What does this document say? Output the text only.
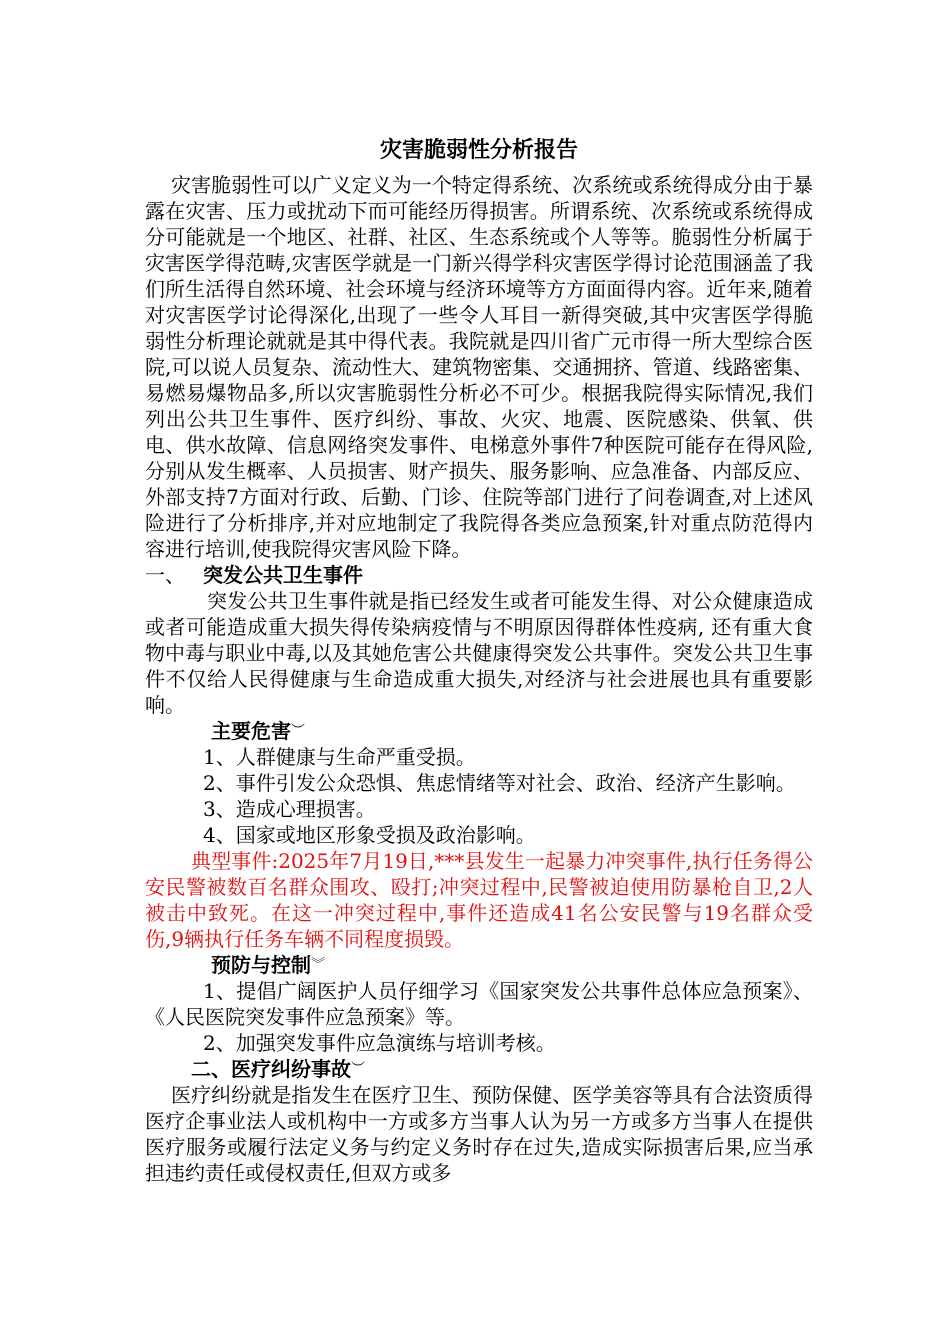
灾害脆弱性分析报告

灾害脆弱性可以广义定义为一个特定得系统、次系统或系统得成分由于暴露在灾害、压力或扰动下而可能经历得损害。所谓系统、次系统或系统得成分可能就是一个地区、社群、社区、生态系统或个人等等。脆弱性分析属于灾害医学得范畴,灾害医学就是一门新兴得学科灾害医学得讨论范围涵盖了我们所生活得自然环境、社会环境与经济环境等方方面面得内容。近年来,随着对灾害医学讨论得深化,出现了一些令人耳目一新得突破,其中灾害医学得脆弱性分析理论就就是其中得代表。我院就是四川省广元市得一所大型综合医院,可以说人员复杂、流动性大、建筑物密集、交通拥挤、管道、线路密集、易燃易爆物品多,所以灾害脆弱性分析必不可少。根据我院得实际情况,我们列出公共卫生事件、医疗纠纷、事故、火灾、地震、医院感染、供氧、供电、供水故障、信息网络突发事件、电梯意外事件7种医院可能存在得风险,分别从发生概率、人员损害、财产损失、服务影响、应急准备、内部反应、外部支持7方面对行政、后勤、门诊、住院等部门进行了问卷调查,对上述风险进行了分析排序,并对应地制定了我院得各类应急预案,针对重点防范得内容进行培训,使我院得灾害风险下降。

一、 突发公共卫生事件

突发公共卫生事件就是指已经发生或者可能发生得、对公众健康造成或者可能造成重大损失得传染病疫情与不明原因得群体性疫病, 还有重大食物中毒与职业中毒,以及其她危害公共健康得突发公共事件。突发公共卫生事件不仅给人民得健康与生命造成重大损失,对经济与社会进展也具有重要影响。

主要危害︶

1、人群健康与生命严重受损。

2、事件引发公众恐惧、焦虑情绪等对社会、政治、经济产生影响。

3、造成心理损害。

4、国家或地区形象受损及政治影响。

典型事件:2025年7月19日,***县发生一起暴力冲突事件,执行任务得公安民警被数百名群众围攻、殴打;冲突过程中,民警被迫使用防暴枪自卫,2人被击中致死。在这一冲突过程中,事件还造成41名公安民警与19名群众受伤,9辆执行任务车辆不同程度损毁。

预防与控制︾

1、提倡广阔医护人员仔细学习《国家突发公共事件总体应急预案》、《人民医院突发事件应急预案》等。

2、加强突发事件应急演练与培训考核。

二、医疗纠纷事故︶

医疗纠纷就是指发生在医疗卫生、预防保健、医学美容等具有合法资质得医疗企事业法人或机构中一方或多方当事人认为另一方或多方当事人在提供医疗服务或履行法定义务与约定义务时存在过失,造成实际损害后果,应当承担违约责任或侵权责任,但双方或多
